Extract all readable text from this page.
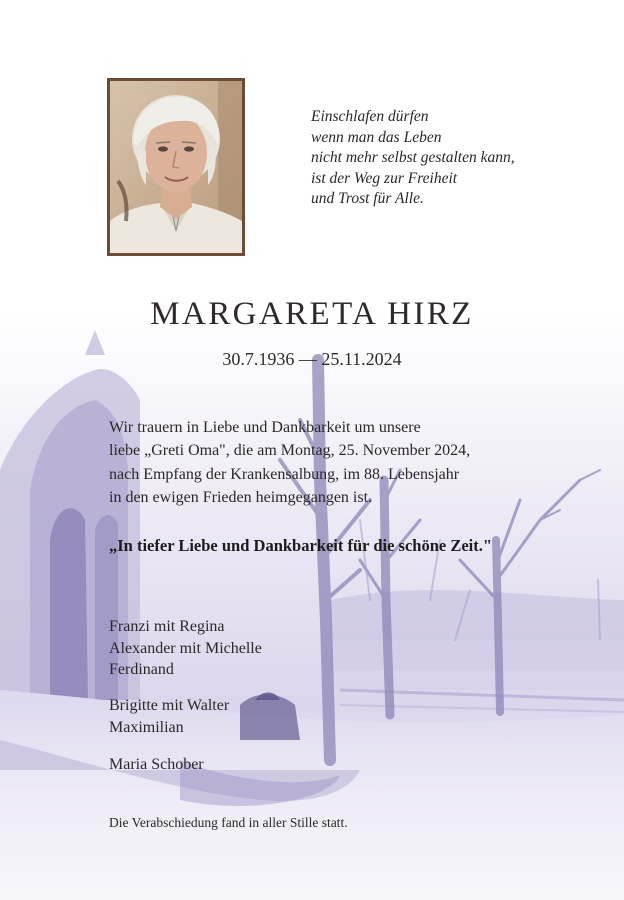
Einschlafen dürfen
wenn man das Leben
nicht mehr selbst gestalten kann,
ist der Weg zur Freiheit
und Trost für Alle.
MARGARETA HIRZ
30.7.1936 — 25.11.2024
Wir trauern in Liebe und Dankbarkeit um unsere
liebe „Greti Oma", die am Montag, 25. November 2024,
nach Empfang der Krankensalbung, im 88. Lebensjahr
in den ewigen Frieden heimgegangen ist.
„In tiefer Liebe und Dankbarkeit für die schöne Zeit."
Franzi mit Regina
Alexander mit Michelle
Ferdinand
Brigitte mit Walter
Maximilian
Maria Schober
Die Verabschiedung fand in aller Stille statt.
